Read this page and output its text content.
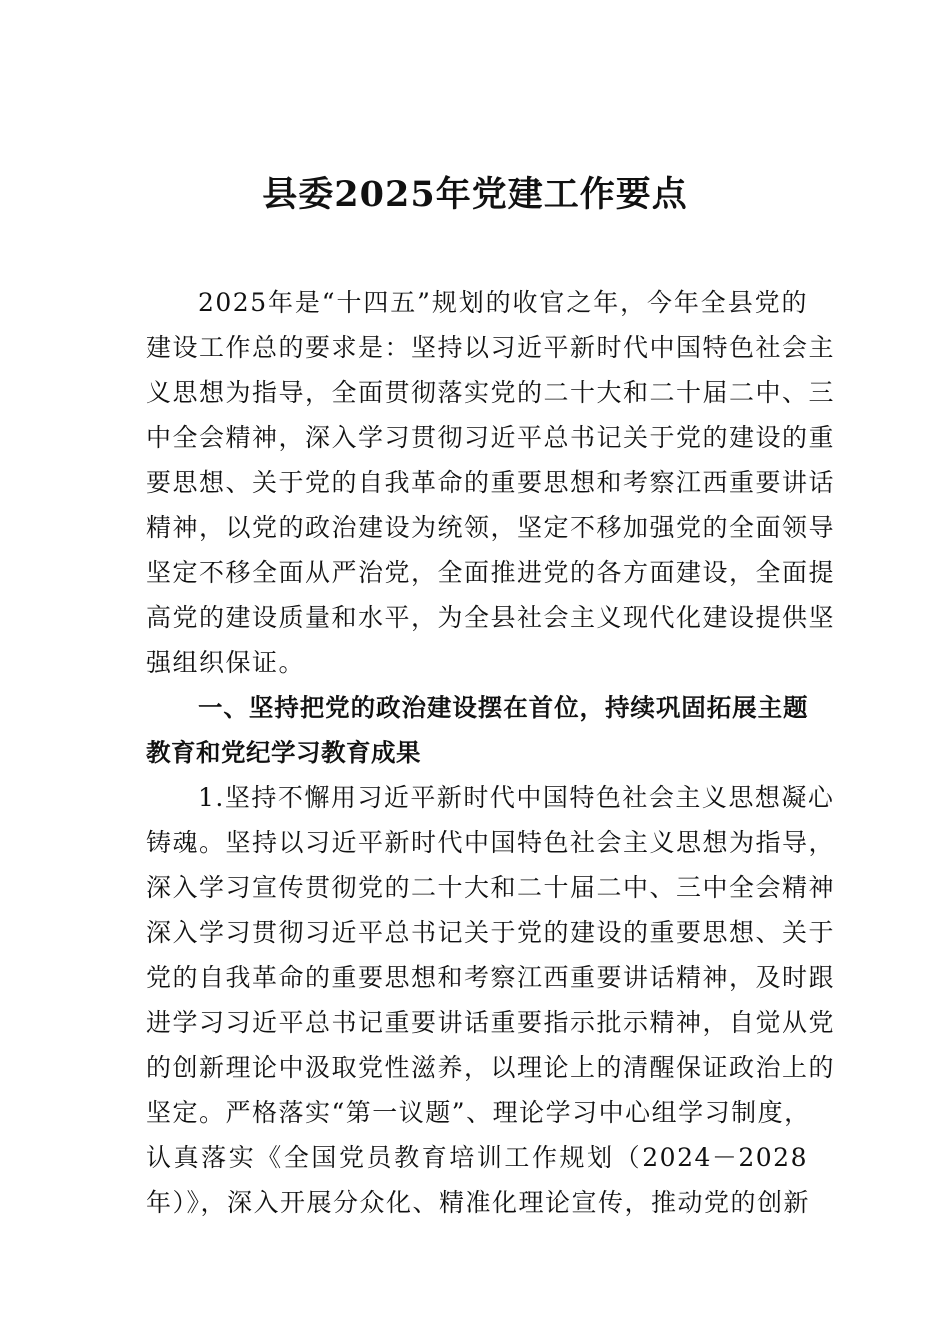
县委2025年党建工作要点
2025年是“十四五”规划的收官之年，今年全县党的
建设工作总的要求是：坚持以习近平新时代中国特色社会主
义思想为指导，全面贯彻落实党的二十大和二十届二中、三
中全会精神，深入学习贯彻习近平总书记关于党的建设的重
要思想、关于党的自我革命的重要思想和考察江西重要讲话
精神，以党的政治建设为统领，坚定不移加强党的全面领导
坚定不移全面从严治党，全面推进党的各方面建设，全面提
高党的建设质量和水平，为全县社会主义现代化建设提供坚
强组织保证。
一、坚持把党的政治建设摆在首位，持续巩固拓展主题
教育和党纪学习教育成果
1.坚持不懈用习近平新时代中国特色社会主义思想凝心
铸魂。坚持以习近平新时代中国特色社会主义思想为指导，
深入学习宣传贯彻党的二十大和二十届二中、三中全会精神
深入学习贯彻习近平总书记关于党的建设的重要思想、关于
党的自我革命的重要思想和考察江西重要讲话精神，及时跟
进学习习近平总书记重要讲话重要指示批示精神，自觉从党
的创新理论中汲取党性滋养，以理论上的清醒保证政治上的
坚定。严格落实“第一议题”、理论学习中心组学习制度，
认真落实《全国党员教育培训工作规划（2024－2028
年）》，深入开展分众化、精准化理论宣传，推动党的创新
